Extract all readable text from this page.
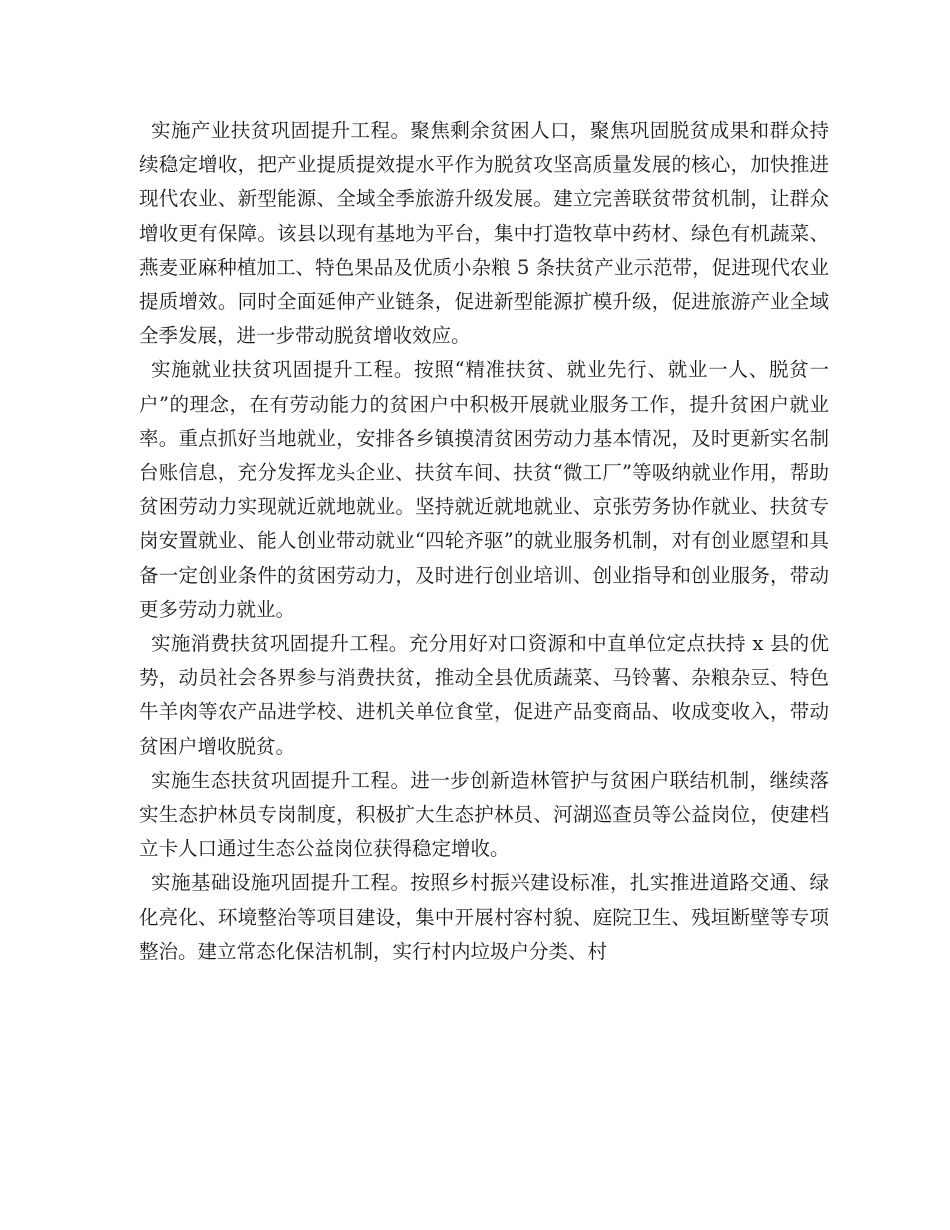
实施产业扶贫巩固提升工程。聚焦剩余贫困人口，聚焦巩固脱贫成果和群众持续稳定增收，把产业提质提效提水平作为脱贫攻坚高质量发展的核心，加快推进现代农业、新型能源、全域全季旅游升级发展。建立完善联贫带贫机制，让群众增收更有保障。该县以现有基地为平台，集中打造牧草中药材、绿色有机蔬菜、燕麦亚麻种植加工、特色果品及优质小杂粮 5 条扶贫产业示范带，促进现代农业提质增效。同时全面延伸产业链条，促进新型能源扩模升级，促进旅游产业全域全季发展，进一步带动脱贫增收效应。

实施就业扶贫巩固提升工程。按照“精准扶贫、就业先行、就业一人、脱贫一户”的理念，在有劳动能力的贫困户中积极开展就业服务工作，提升贫困户就业率。重点抓好当地就业，安排各乡镇摸清贫困劳动力基本情况，及时更新实名制台账信息，充分发挥龙头企业、扶贫车间、扶贫“微工厂”等吸纳就业作用，帮助贫困劳动力实现就近就地就业。坚持就近就地就业、京张劳务协作就业、扶贫专岗安置就业、能人创业带动就业“四轮齐驱”的就业服务机制，对有创业愿望和具备一定创业条件的贫困劳动力，及时进行创业培训、创业指导和创业服务，带动更多劳动力就业。

实施消费扶贫巩固提升工程。充分用好对口资源和中直单位定点扶持 x 县的优势，动员社会各界参与消费扶贫，推动全县优质蔬菜、马铃薯、杂粮杂豆、特色牛羊肉等农产品进学校、进机关单位食堂，促进产品变商品、收成变收入，带动贫困户增收脱贫。

实施生态扶贫巩固提升工程。进一步创新造林管护与贫困户联结机制，继续落实生态护林员专岗制度，积极扩大生态护林员、河湖巡查员等公益岗位，使建档立卡人口通过生态公益岗位获得稳定增收。

实施基础设施巩固提升工程。按照乡村振兴建设标准，扎实推进道路交通、绿化亮化、环境整治等项目建设，集中开展村容村貌、庭院卫生、残垣断壁等专项整治。建立常态化保洁机制，实行村内垃圾户分类、村
